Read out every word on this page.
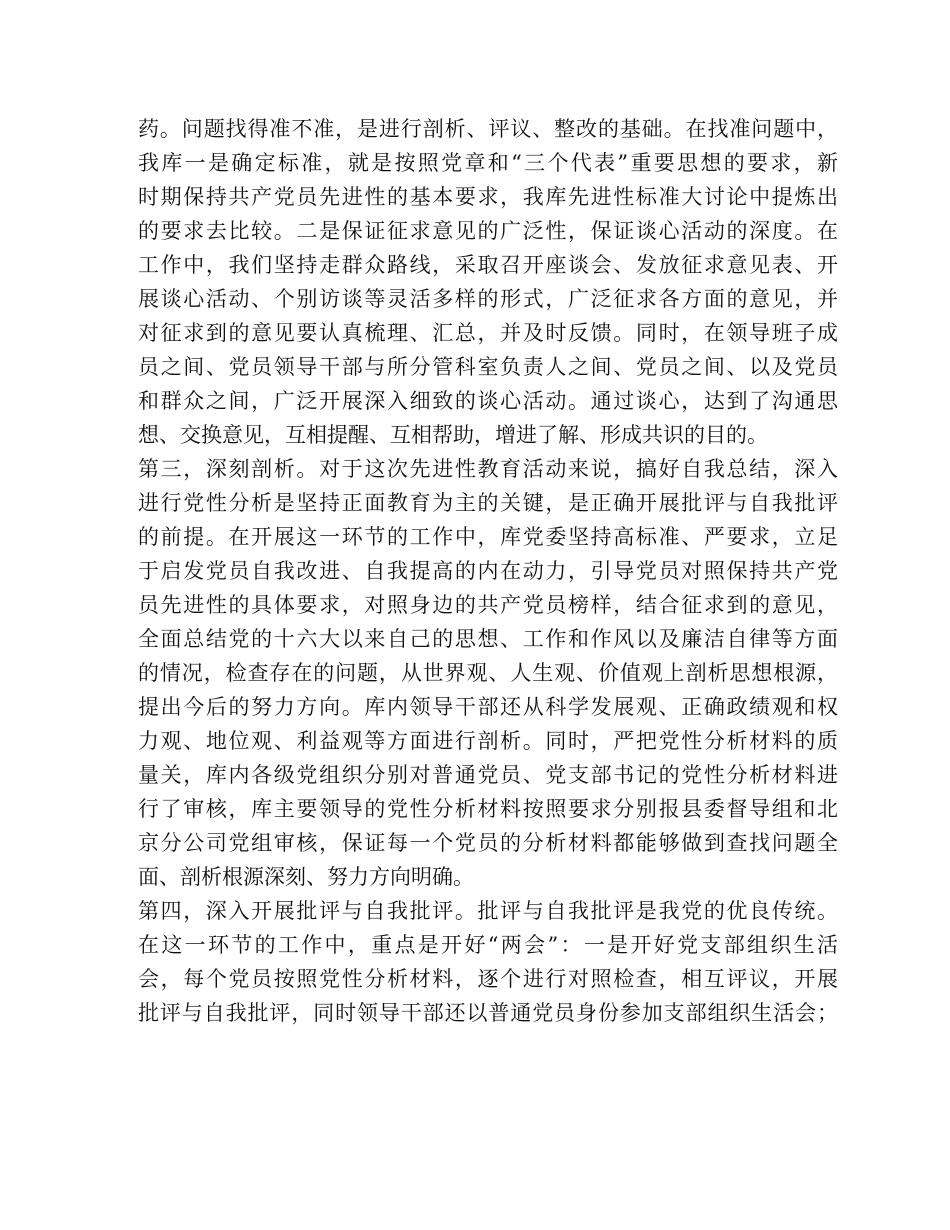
药。问题找得准不准，是进行剖析、评议、整改的基础。在找准问题中，
我库一是确定标准，就是按照党章和“三个代表”重要思想的要求，新
时期保持共产党员先进性的基本要求，我库先进性标准大讨论中提炼出
的要求去比较。二是保证征求意见的广泛性，保证谈心活动的深度。在
工作中，我们坚持走群众路线，采取召开座谈会、发放征求意见表、开
展谈心活动、个别访谈等灵活多样的形式，广泛征求各方面的意见，并
对征求到的意见要认真梳理、汇总，并及时反馈。同时，在领导班子成
员之间、党员领导干部与所分管科室负责人之间、党员之间、以及党员
和群众之间，广泛开展深入细致的谈心活动。通过谈心，达到了沟通思
想、交换意见，互相提醒、互相帮助，增进了解、形成共识的目的。
第三，深刻剖析。对于这次先进性教育活动来说，搞好自我总结，深入
进行党性分析是坚持正面教育为主的关键，是正确开展批评与自我批评
的前提。在开展这一环节的工作中，库党委坚持高标准、严要求，立足
于启发党员自我改进、自我提高的内在动力，引导党员对照保持共产党
员先进性的具体要求，对照身边的共产党员榜样，结合征求到的意见，
全面总结党的十六大以来自己的思想、工作和作风以及廉洁自律等方面
的情况，检查存在的问题，从世界观、人生观、价值观上剖析思想根源，
提出今后的努力方向。库内领导干部还从科学发展观、正确政绩观和权
力观、地位观、利益观等方面进行剖析。同时，严把党性分析材料的质
量关，库内各级党组织分别对普通党员、党支部书记的党性分析材料进
行了审核，库主要领导的党性分析材料按照要求分别报县委督导组和北
京分公司党组审核，保证每一个党员的分析材料都能够做到查找问题全
面、剖析根源深刻、努力方向明确。
第四，深入开展批评与自我批评。批评与自我批评是我党的优良传统。
在这一环节的工作中，重点是开好“两会”：一是开好党支部组织生活
会，每个党员按照党性分析材料，逐个进行对照检查，相互评议，开展
批评与自我批评，同时领导干部还以普通党员身份参加支部组织生活会；
